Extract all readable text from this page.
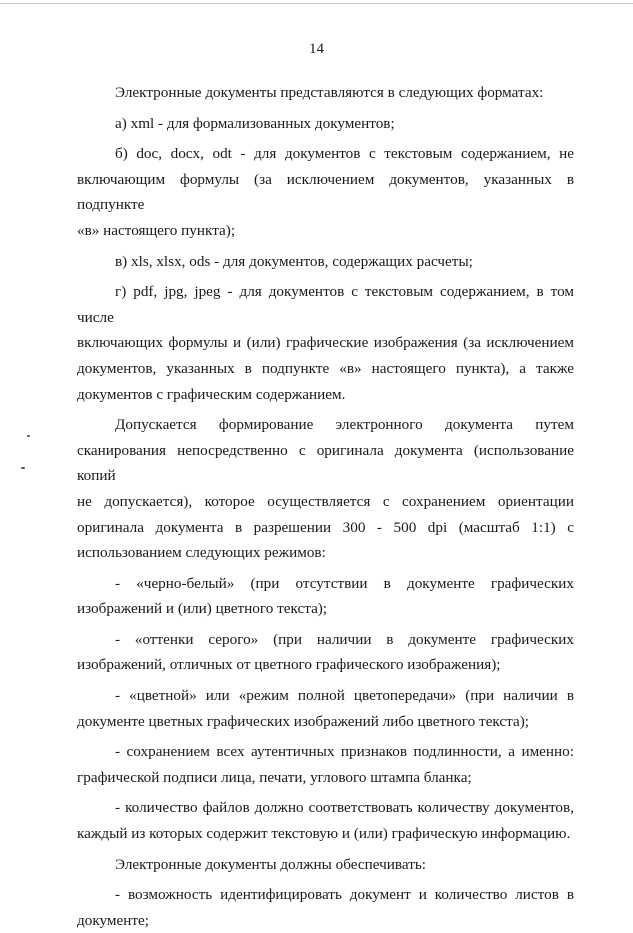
14

Электронные документы представляются в следующих форматах:

а) xml - для формализованных документов;

б) doc, docx, odt - для документов с текстовым содержанием, не

включающим формулы (за исключением документов, указанных в подпункте

«в» настоящего пункта);

в) xls, xlsx, ods - для документов, содержащих расчеты;

г) pdf, jpg, jpeg - для документов с текстовым содержанием, в том числе

включающих формулы и (или) графические изображения (за исключением

документов, указанных в подпункте «в» настоящего пункта), а также

документов с графическим содержанием.

Допускается формирование электронного документа путем

сканирования непосредственно с оригинала документа (использование копий

не допускается), которое осуществляется с сохранением ориентации

оригинала документа в разрешении 300 - 500 dpi (масштаб 1:1) с

использованием следующих режимов:

- «черно-белый» (при отсутствии в документе графических

изображений и (или) цветного текста);

- «оттенки серого» (при наличии в документе графических

изображений, отличных от цветного графического изображения);

- «цветной» или «режим полной цветопередачи» (при наличии в

документе цветных графических изображений либо цветного текста);

- сохранением всех аутентичных признаков подлинности, а именно:

графической подписи лица, печати, углового штампа бланка;

- количество файлов должно соответствовать количеству документов,

каждый из которых содержит текстовую и (или) графическую информацию.

Электронные документы должны обеспечивать:

- возможность идентифицировать документ и количество листов в

документе;
